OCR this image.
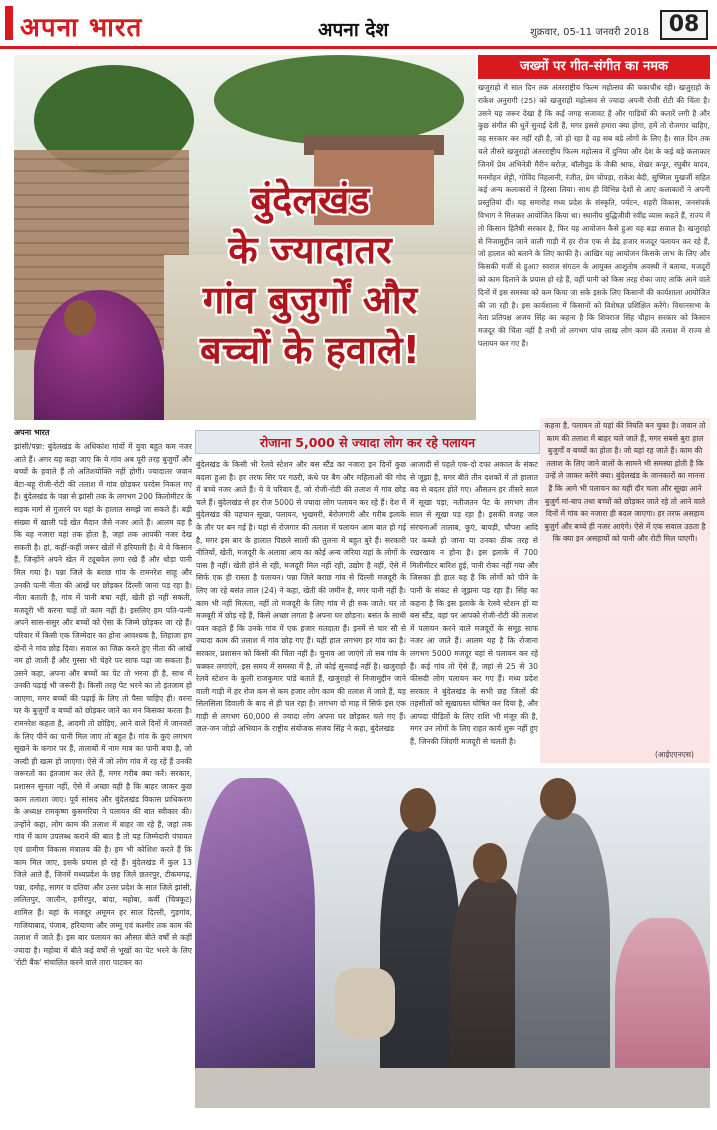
अपना भारत	अपना देश	शुक्रवार, 05-11 जनवरी 2018 08
बुंदेलखंड
के ज्यादातर
गांव बुजुर्गों और
बच्चों के हवाले!
जख्मों पर गीत-संगीत का नमक
खजुराहो में सात दिन तक अंतरराष्ट्रीय फिल्म महोत्सव की चकाचौंध रही। खजुराहो के राकेश अनुरागी (25) को खजुराहो महोत्सव से ज्यादा अपनी रोजी रोटी की चिंता है। उसने यह जरूर देखा है कि कई जगह सजावट है और गाड़ियों की कतारें लगी है और कुछ संगीत की धुनें सुनाई देती हैं, मगर इससे हमारा क्या होगा, हमें तो रोजगार चाहिए, वह सरकार कर नहीं रही है, जो हो रहा है वह सब बड़े लोगों के लिए है। सात दिन तक चले तीसरे खजुराहो अंतरराष्ट्रीय फिल्म महोत्सव में दुनिया और देश के कई बड़े कलाकार जिनमें प्रेम अभिनेत्री मैरीन बरोज़, बॉलीवुड के जैकी श्राफ, शेखर कपूर, रघुबीर यादव, मनमोहन शेट्टी, गोविंद निहलानी, रंजीत, प्रेम चोपड़ा, राकेश बेदी, सुष्मिता मुखर्जी सहित कई अन्य कलाकारों ने हिस्सा लिया। साथ ही विभिन्न देशों से आए कलाकारों ने अपनी प्रस्तुतियां दीं। यह समारोह मध्य प्रदेश के संस्कृति, पर्यटन, शहरी विकास, जनसंपर्क विभाग ने मिलकर आयोजित किया था। स्थानीय बुद्धिजीवी रवींद्र व्यास कहते हैं, राज्य में तो किसान हितैषी सरकार है, फिर यह आयोजन कैसे हुआ यह बड़ा सवाल है। खजुराहो से निजामुद्दीन जाने वाली गाड़ी में हर रोज एक से डेढ़ हजार मजदूर पलायन कर रहे हैं, जो हालात को बताने के लिए काफी है। आखिर यह आयोजन किसके लाभ के लिए और किसकी मर्जी से हुआ? स्वराज संगठन के आयुक्त आशुतोष अवस्थी ने बताया, मजदूरों को काम दिलाने के प्रयास हो रहे हैं, वहीं पानी को किस तरह रोका जाए ताकि आने वाले दिनों में इस समस्या को कम किया जा सके इसके लिए किसानों की कार्यशाला आयोजित की जा रही है। इस कार्यशाला में किसानों को विशेषज्ञ प्रशिक्षित करेंगे। विधानसभा के नेता प्रतिपक्ष अजय सिंह का कहना है कि शिवराज सिंह चौहान सरकार को किसान मजदूर की चिंता नहीं है तभी तो लगभग पांच लाख लोग काम की तलाश में राज्य से पलायन कर गए हैं।
अपना भारत
झांसी/पन्ना: बुंदेलखंड के अधिकांश गांवों में युवा बहुत कम नजर आते हैं। अगर यह कहा जाए कि ये गांव अब पूरी तरह बुजुर्गों और बच्चों के हवाले हैं तो अतिशयोक्ति नहीं होगी। ज्यादातर जवान बेटा-बहू रोजी-रोटी की तलाश में गांव छोड़कर परदेस निकल गए हैं। बुंदेलखंड के पन्ना से झांसी तक के लगभग 200 किलोमीटर के सड़क मार्ग से गुजरने पर यहां के हालात समझे जा सकते हैं। बड़ी संख्या में खाली पड़े खेत मैदान जैसे नजर आते हैं। आलम यह है कि यह नजारा वहां तक होता है, जहां तक आपकी नजर देख सकती है। हां, कहीं-कहीं जरूर खेतों में हरियाली है। ये वे किसान हैं, जिन्होंने अपने खेत में ट्यूबवेल लगा रखे हैं और थोड़ा पानी मिल गया है। पन्ना जिले के बराछ गांव के रामनरेश साहू और उनकी पत्नी नीता की आंखें घर छोड़कर दिल्ली जाना पड़ रहा है। नीता बताती है, गांव में पानी बचा नहीं, खेती हो नहीं सकती, मजदूरी भी करना चाहें तो काम नहीं है। इसलिए हम पति-पत्नी अपने सास-ससुर और बच्चों को ऐसा के जिम्मे छोड़कर जा रहे हैं। परिवार में किसी एक जिम्मेदार का होना आवश्यक है, लिहाजा हम दोनों ने गांव छोड़ दिया। सवाल का जिक्र करते हुए नीता की आंखें नम हो जाती हैं और गुस्सा भी चेहरे पर साफ पढ़ा जा सकता है। उसने कहा, अपना और बच्चों का पेट तो भरना ही है, साथ में उनकी पढ़ाई भी जरूरी है। किसी तरह पेट भरने का तो इंतजाम हो जाएगा, मगर बच्चों की पढ़ाई के लिए तो पैसा चाहिए ही। वरना घर के बुजुर्गों व बच्चों को छोड़कर जाने का मन किसका करता है। रामनरेश कहता है, आदमी तो छोड़िए, आने वाले दिनों में जानवरों के लिए पीने का पानी मिल जाए तो बहुत है। गांव के कुएं लगभग सूखने के कगार पर हैं, तालाबों में नाम मात्र का पानी बचा है, जो जल्दी ही खत्म हो जाएगा। ऐसे में जो लोग गांव में रह रहे हैं उनकी जरूरतों का इंतजाम कर लेते हैं, मगर गरीब क्या करें। सरकार, प्रशासन सुनता नहीं, ऐसे में अच्छा यही है कि बाहर जाकर कुछ काम तलाशा जाए। पूर्व सांसद और बुंदेलखंड विकास प्राधिकरण के अध्यक्ष रामकृष्ण कुसमरिया ने पलायन की बात स्वीकार की। उन्होंने कहा, लोग काम की तलाश में बाहर जा रहे हैं, जहां तक गांव में काम उपलब्ध कराने की बात है तो यह जिम्मेदारी पंचायत एवं ग्रामीण विकास मंत्रालय की है। हम भी कोशिश करते हैं कि काम मिल जाए, इसके प्रयास हो रहे हैं। बुंदेलखंड में कुल 13 जिले आते हैं, जिनमें मध्यप्रदेश के छह जिले छतरपुर, टीकमगढ़, पन्ना, दमोह, सागर व दतिया और उत्तर प्रदेश के सात जिले झांसी, ललितपुर, जालौन, हमीरपुर, बांदा, महोबा, कर्वी (चित्रकूट) शामिल हैं। यहां के मजदूर अमूमन हर साल दिल्ली, गुड़गांव, गाजियाबाद, पंजाब, हरियाणा और जम्मू एवं कश्मीर तक काम की तलाश में जाते हैं। इस बार पलायन का औसत बीते वर्षों से कहीं ज्यादा है। महोबा में बीते कई वर्षों से भूखों का पेट भरने के लिए 'रोटी बैंक' संचालित करने वाले तारा पाटकर का
रोजाना 5,000 से ज्यादा लोग कर रहे पलायन
बुंदेलखंड के किसी भी रेलवे स्टेशन और बस स्टैंड का नजारा इन दिनों कुछ बदला हुआ है। हर तरफ सिर पर गठरी, कंधे पर बैग और महिलाओं की गोद में बच्चे नजर आते हैं। ये वे परिवार हैं, जो रोजी-रोटी की तलाश में गांव छोड़ चले हैं। बुंदेलखंड से हर रोज 5000 से ज्यादा लोग पलायन कर रहे हैं। देश में बुंदेलखंड की पहचान सूखा, पलायन, भुखमरी, बेरोजगारी और गरीब इलाके के तौर पर बन गई है। यहां से रोजगार की तलाश में पलायन आम बात हो गई है, मगर इस बार के हालात पिछले सालों की तुलना में बहुत बुरे हैं। सरकारी नीतियों, खेती, मजदूरी के अलावा आय का कोई अन्य जरिया यहां के लोगों के पास है नहीं। खेती होने से रही, मजदूरी मिल नहीं रही, उद्योग है नहीं, ऐसे में सिर्फ एक ही रास्ता है पलायन। पन्ना जिले बराछ गांव से दिल्ली मजदूरी के लिए जा रहे बसंत लाल (24) ने कहा, खेती की जमीन है, मगर पानी नहीं है। काम भी नहीं मिलता, नहीं तो मजदूरी के लिए गांव में ही रुक जाते। घर तो मजबूरी में छोड़ रहे हैं, किसे अच्छा लगता है अपना घर छोड़ना। बसंत के साथी पवन कहते हैं कि उनके गांव में एक हजार मतदाता हैं। इनमें से चार सौ से ज्यादा काम की तलाश में गांव छोड़ गए हैं। यही हाल लगभग हर गांव का है। सरकार, प्रशासन को किसी की चिंता नहीं है। चुनाव आ जाएंगे तो सब गांव के चक्कर लगाएंगे, इस समय में समस्या में है, तो कोई सुनवाई नहीं है। खजुराहो रेलवे स्टेशन के कुली राजकुमार पांडे बताते हैं, खजुराहो से निजामुद्दीन जाने वाली गाड़ी में हर रोज कम से कम हजार लोग काम की तलाश में जाते हैं, यह सिलसिला दिवाली के बाद से ही चल रहा है। लगभग दो माह में सिर्फ इस एक गाड़ी से लगभग 60,000 से ज्यादा लोग अपना घर छोड़कर चले गए हैं। जल-जन जोड़ो अभियान के राष्ट्रीय संयोजक संजय सिंह ने कहा, बुंदेलखंड
आजादी से पहले एक-दो दफा अकाल के संकट से जूझा है, मगर बीते तीन दशकों में तो हालात बद से बदतर होते गए। औसतन हर तीसरे साल में सूखा पड़ा, नतीजतन पेट के लगभग तीन साल से सूखा पड़ रहा है। इसकी वजह जल संरचनाओं तालाब, कुएं, बावड़ी, चौपरा आदि पर कब्जे हो जाना या उनका ठीक तरह से रखरखाव न होना है। इस इलाके में 700 मिलीमीटर बारिश हुई, पानी रोका नहीं गया और जिसका ही हाल यह है कि लोगों को पीने के पानी के संकट से जूझना पड़ रहा है। सिंह का कहना है कि इस इलाके के रेलवे स्टेशन हों या बस स्टैंड, वहां पर आपको रोजी-रोटी की तलाश में पलायन करने वाले मजदूरों के समूह साफ नजर आ जाते हैं। आलम यह है कि रोजाना लगभग 5000 मजदूर यहां से पलायन कर रहे हैं। कई गांव तो ऐसे हैं, जहां से 25 से 30 फीसदी लोग पलायन कर गए हैं। मध्य प्रदेश सरकार ने बुंदेलखंड के सभी छह जिलों की तहसीलों को सूखाग्रस्त घोषित कर दिया है, और आपदा पीड़ितों के लिए राशि भी मंजूर की है, मगर उन लोगों के लिए राहत कार्य शुरू नहीं हुए हैं, जिनकी जिंदगी मजदूरी से चलती है।
कहना है, पलायन तो यहां की नियति बन चुका है। जवान तो काम की तलाश में बाहर चले जाते हैं, मगर सबसे बुरा हाल बुजुर्गों व बच्चों का होता है। जो यहां रह जाते हैं। काम की तलाश के लिए जाने वालों के सामने भी समस्या होती है कि उन्हें ले जाकर करेंगे क्या। बुंदेलखंड के जानकारों का मानना है कि आगे भी पलायन का यही दौर चला और सूखा आने बुजुर्ग मां-बाप तथा बच्चों को छोड़कर जाते रहे तो आने वाले दिनों में गांव का नजारा ही बदल जाएगा। हर तरफ असहाय बुजुर्ग और बच्चे ही नजर आएंगे। ऐसे में एक सवाल उठता है कि क्या इन असहायों को पानी और रोटी मिल पाएगी।
(आईएएनएस)
